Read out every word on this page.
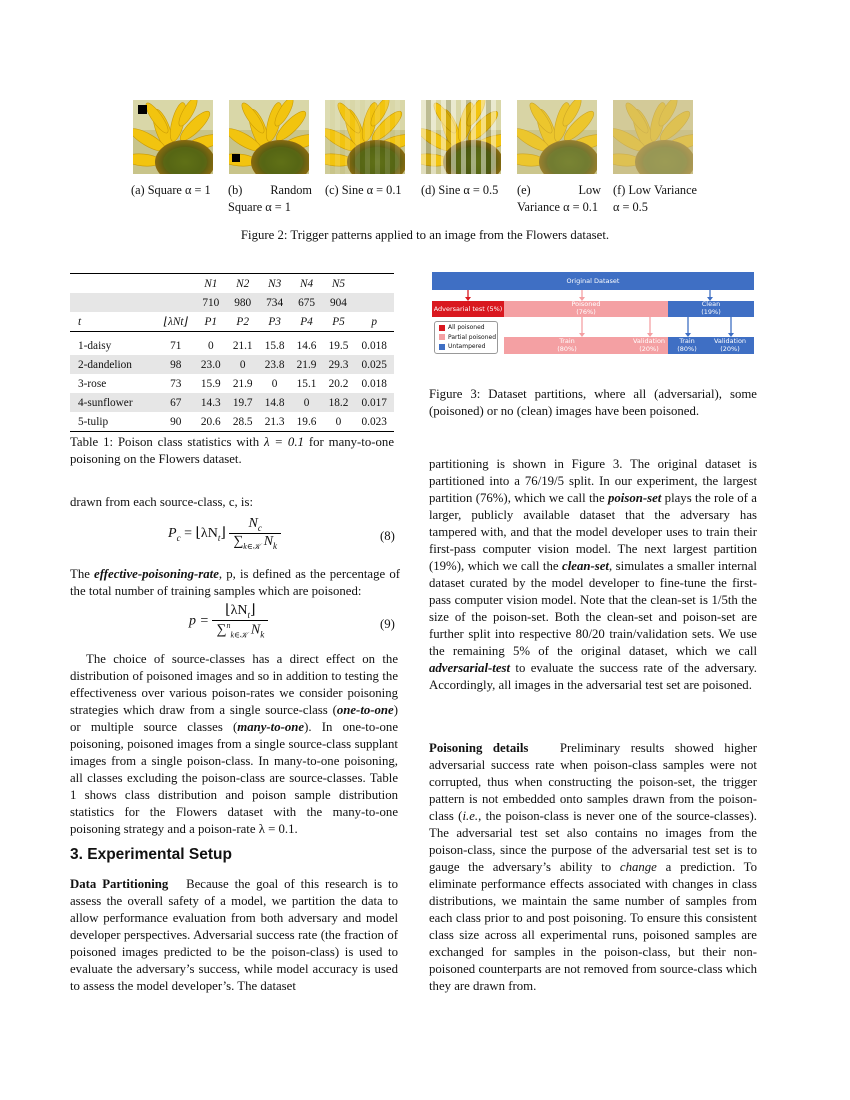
(a) Square α = 1	(b) Random Square α = 1
(c) Sine α = 0.1	(d) Sine α = 0.5	(e) Low Variance α = 0.1
(f) Low Variance α = 0.5
Figure 2: Trigger patterns applied to an image from the Flowers dataset.
		N1	N2	N3	N4	N5	
		710	980	734	675	904	
t	⌊λNt⌋	P1	P2	P3	P4	P5	p

1-daisy	71	0	21.1	15.8	14.6	19.5	0.018
2-dandelion	98	23.0	0	23.8	21.9	29.3	0.025
3-rose	73	15.9	21.9	0	15.1	20.2	0.018
4-sunflower	67	14.3	19.7	14.8	0	18.2	0.017
5-tulip	90	20.6	28.5	21.3	19.6	0	0.023
Table 1: Poison class statistics with λ = 0.1 for many-to-one poisoning on the Flowers dataset.
Original Dataset
Adversarial test (5%)
Poisoned
(76%)
Clean
(19%)
Train
(80%)
Validation
(20%)
Train
(80%)
Validation
(20%)
All poisoned
Partial poisoned
Untampered
Figure 3: Dataset partitions, where all (adversarial), some (poisoned) or no (clean) images have been poisoned.
drawn from each source-class, c, is:
$P_c$ = $⌊\lambda N_t⌋ \frac{N_c}{\sum_{k\in 𝒦} N_k}$	(8)
The effective-poisoning-rate, p, is defined as the percentage of the total number of training samples which are poisoned:
$p = \frac{⌊\lambda N_t⌋}{\sum^n_{k\in 𝒦} N_k}$	(9)
The choice of source-classes has a direct effect on the distribution of poisoned images and so in addition to testing the effectiveness over various poison-rates we consider poisoning strategies which draw from a single source-class (one-to-one) or multiple source classes (many-to-one). In one-to-one poisoning, poisoned images from a single source-class supplant images from a single poison-class. In many-to-one poisoning, all classes excluding the poison-class are source-classes. Table 1 shows class distribution and poison sample distribution statistics for the Flowers dataset with the many-to-one poisoning strategy and a poison-rate λ = 0.1.
3. Experimental Setup
Data Partitioning Because the goal of this research is to assess the overall safety of a model, we partition the data to allow performance evaluation from both adversary and model developer perspectives. Adversarial success rate (the fraction of poisoned images predicted to be the poison-class) is used to evaluate the adversary’s success, while model accuracy is used to assess the model developer’s. The dataset
partitioning is shown in Figure 3. The original dataset is partitioned into a 76/19/5 split. In our experiment, the largest partition (76%), which we call the poison-set plays the role of a larger, publicly available dataset that the adversary has tampered with, and that the model developer uses to train their first-pass computer vision model. The next largest partition (19%), which we call the clean-set, simulates a smaller internal dataset curated by the model developer to fine-tune the first-pass computer vision model. Note that the clean-set is 1/5th the size of the poison-set. Both the clean-set and poison-set are further split into respective 80/20 train/validation sets. We use the remaining 5% of the original dataset, which we call adversarial-test to evaluate the success rate of the adversary. Accordingly, all images in the adversarial test set are poisoned.
Poisoning details Preliminary results showed higher adversarial success rate when poison-class samples were not corrupted, thus when constructing the poison-set, the trigger pattern is not embedded onto samples drawn from the poison-class (i.e., the poison-class is never one of the source-classes). The adversarial test set also contains no images from the poison-class, since the purpose of the adversarial test set is to gauge the adversary’s ability to change a prediction. To eliminate performance effects associated with changes in class distributions, we maintain the same number of samples from each class prior to and post poisoning. To ensure this consistent class size across all experimental runs, poisoned samples are exchanged for samples in the poison-class, but their non-poisoned counterparts are not removed from source-class which they are drawn from.
